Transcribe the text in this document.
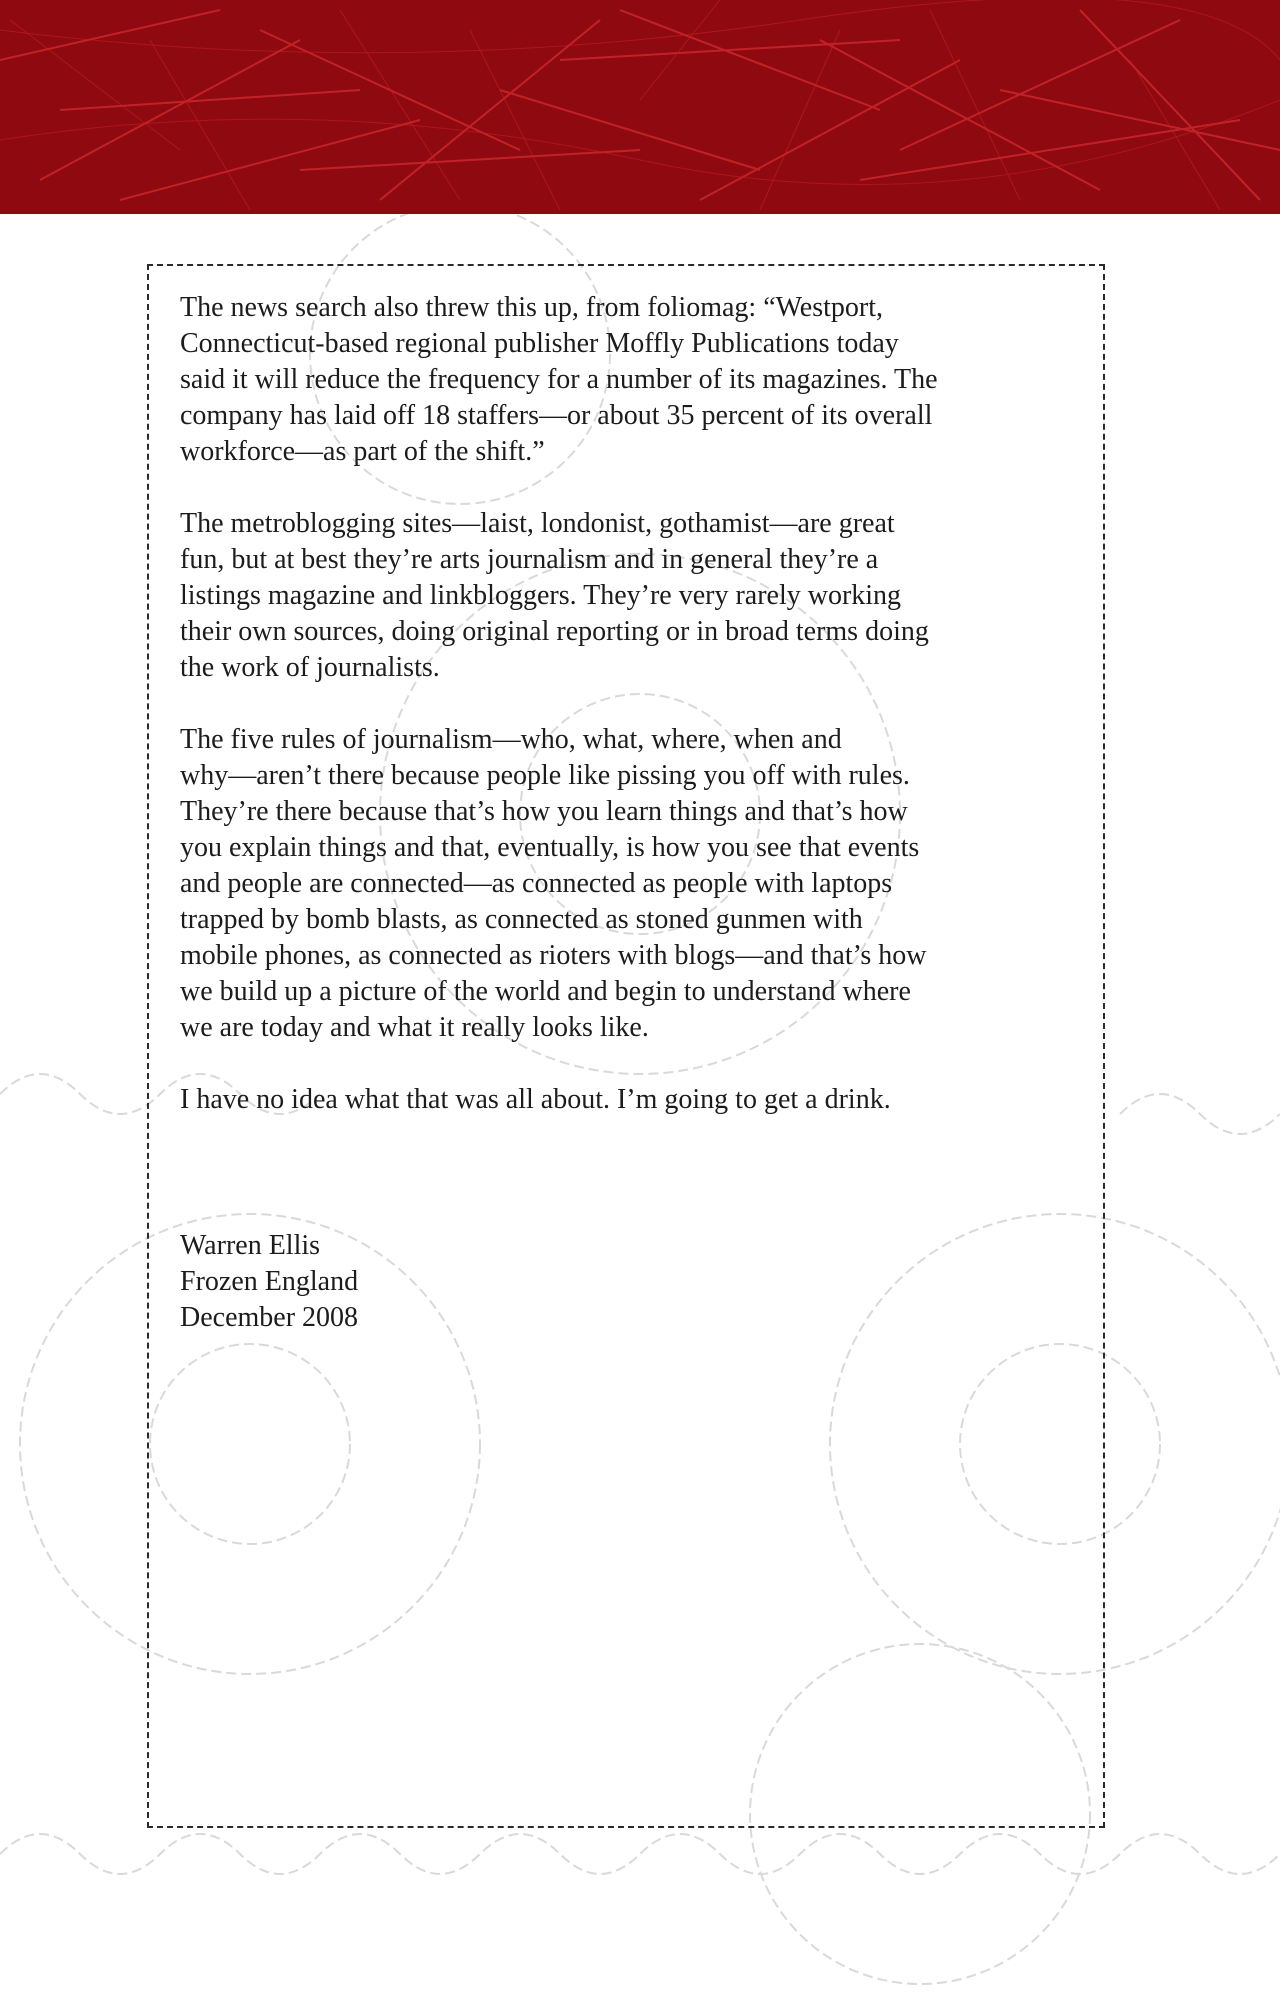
The news search also threw this up, from foliomag: “Westport,
Connecticut-based regional publisher Moffly Publications today
said it will reduce the frequency for a number of its magazines. The
company has laid off 18 staffers—or about 35 percent of its overall
workforce—as part of the shift.”

The metroblogging sites—laist, londonist, gothamist—are great
fun, but at best they’re arts journalism and in general they’re a
listings magazine and linkbloggers. They’re very rarely working
their own sources, doing original reporting or in broad terms doing
the work of journalists.

The five rules of journalism—who, what, where, when and
why—aren’t there because people like pissing you off with rules.
They’re there because that’s how you learn things and that’s how
you explain things and that, eventually, is how you see that events
and people are connected—as connected as people with laptops
trapped by bomb blasts, as connected as stoned gunmen with
mobile phones, as connected as rioters with blogs—and that’s how
we build up a picture of the world and begin to understand where
we are today and what it really looks like.

I have no idea what that was all about. I’m going to get a drink.

Warren Ellis
Frozen England
December 2008
